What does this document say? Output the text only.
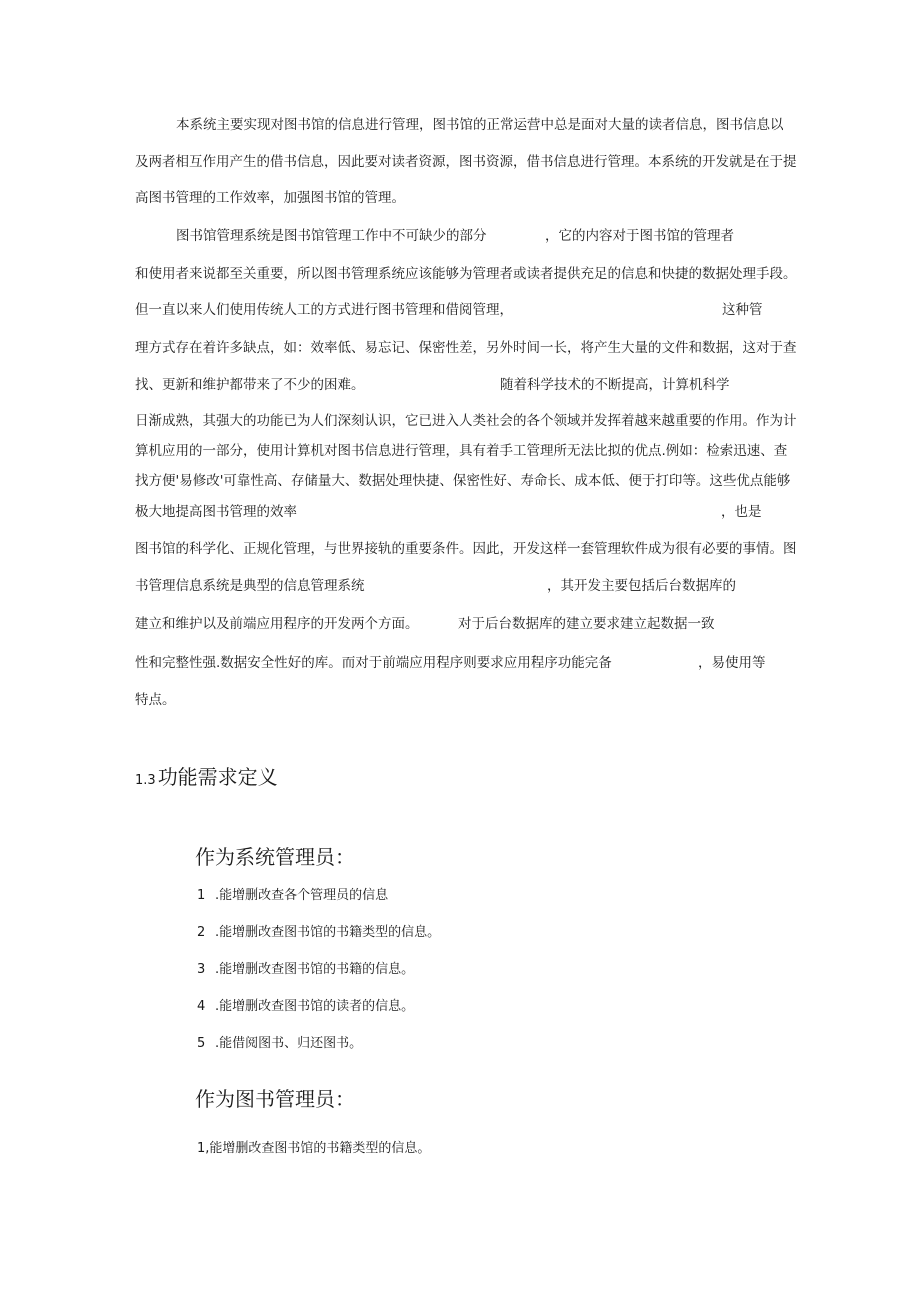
本系统主要实现对图书馆的信息进行管理，图书馆的正常运营中总是面对大量的读者信息，图书信息以
及两者相互作用产生的借书信息，因此要对读者资源，图书资源，借书信息进行管理。本系统的开发就是在于提
高图书管理的工作效率，加强图书馆的管理。
图书馆管理系统是图书馆管理工作中不可缺少的部分	，它的内容对于图书馆的管理者
和使用者来说都至关重要，所以图书管理系统应该能够为管理者或读者提供充足的信息和快捷的数据处理手段。
但一直以来人们使用传统人工的方式进行图书管理和借阅管理，	这种管
理方式存在着许多缺点，如：效率低、易忘记、保密性差，另外时间一长，将产生大量的文件和数据，这对于查
找、更新和维护都带来了不少的困难。	随着科学技术的不断提高，计算机科学
日渐成熟，其强大的功能已为人们深刻认识，它已进入人类社会的各个领域并发挥着越来越重要的作用。作为计
算机应用的一部分，使用计算机对图书信息进行管理，具有着手工管理所无法比拟的优点.例如：检索迅速、查
找方便'易修改'可靠性高、存储量大、数据处理快捷、保密性好、寿命长、成本低、便于打印等。这些优点能够
极大地提高图书管理的效率	，也是
图书馆的科学化、正规化管理，与世界接轨的重要条件。因此，开发这样一套管理软件成为很有必要的事情。图
书管理信息系统是典型的信息管理系统	，其开发主要包括后台数据库的
建立和维护以及前端应用程序的开发两个方面。	对于后台数据库的建立要求建立起数据一致
性和完整性强.数据安全性好的库。而对于前端应用程序则要求应用程序功能完备	，易使用等
特点。
1.3 功能需求定义
作为系统管理员：
1 .能增删改查各个管理员的信息
2 .能增删改查图书馆的书籍类型的信息。
3 .能增删改查图书馆的书籍的信息。
4 .能增删改查图书馆的读者的信息。
5 .能借阅图书、归还图书。
作为图书管理员：
1,能增删改查图书馆的书籍类型的信息。
